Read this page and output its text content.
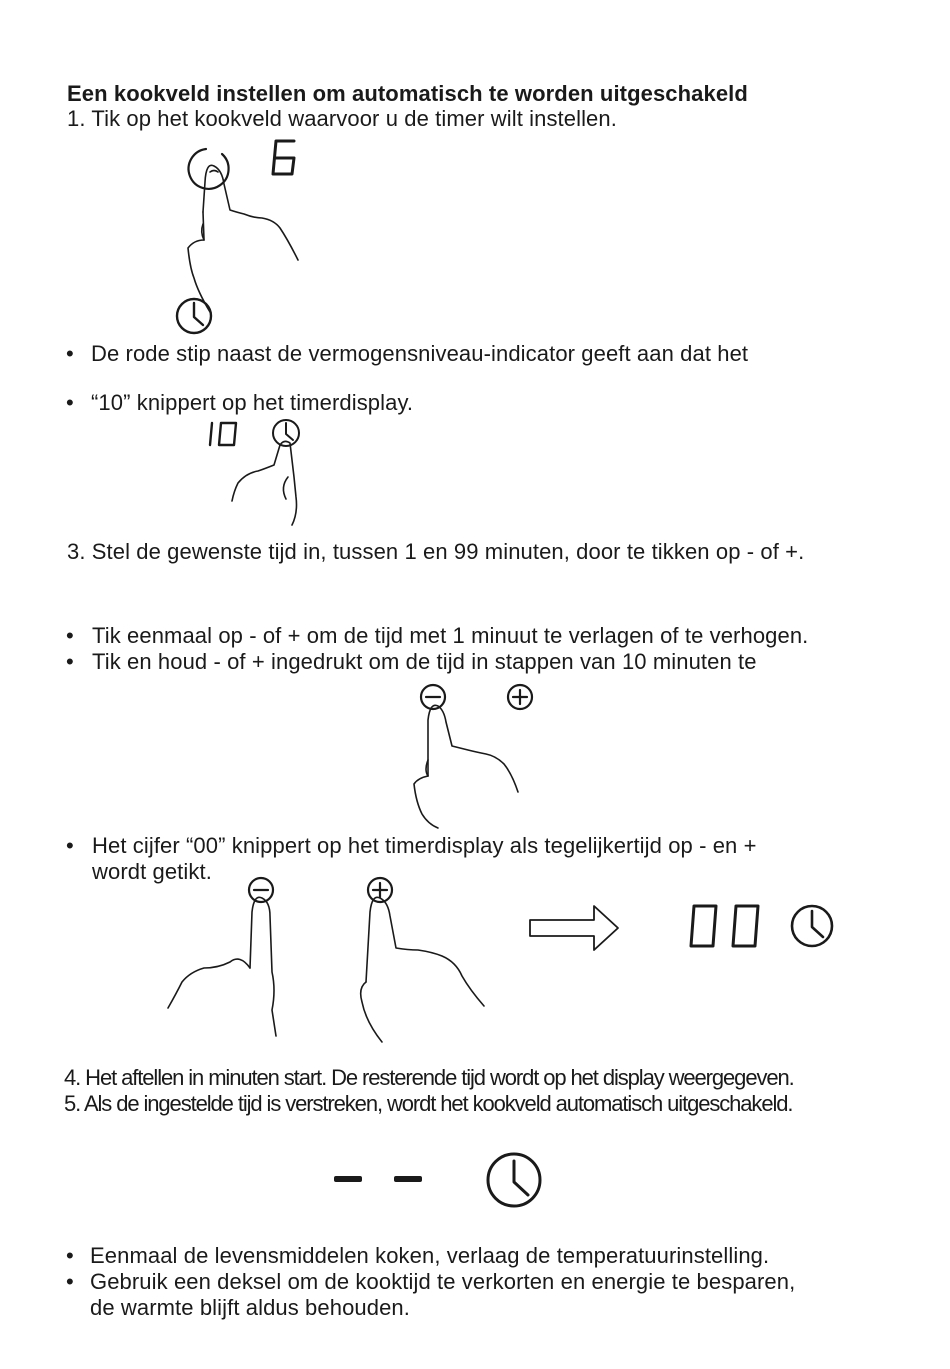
Een kookveld instellen om automatisch te worden uitgeschakeld
1. Tik op het kookveld waarvoor u de timer wilt instellen.
• De rode stip naast de vermogensniveau-indicator geeft aan dat het
• “10” knippert op het timerdisplay.
3. Stel de gewenste tijd in, tussen 1 en 99 minuten, door te tikken op - of +.
• Tik eenmaal op - of + om de tijd met 1 minuut te verlagen of te verhogen.
• Tik en houd - of + ingedrukt om de tijd in stappen van 10 minuten te
• Het cijfer “00” knippert op het timerdisplay als tegelijkertijd op - en +
wordt getikt.
4. Het aftellen in minuten start. De resterende tijd wordt op het display weergegeven.
5. Als de ingestelde tijd is verstreken, wordt het kookveld automatisch uitgeschakeld.
• Eenmaal de levensmiddelen koken, verlaag de temperatuurinstelling.
• Gebruik een deksel om de kooktijd te verkorten en energie te besparen,
de warmte blijft aldus behouden.
